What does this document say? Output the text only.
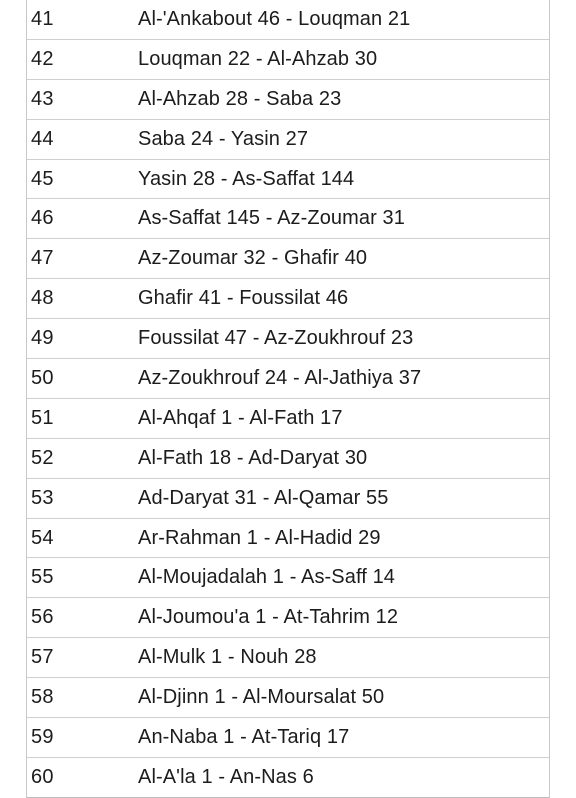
41	Al-'Ankabout 46 - Louqman 21
42	Louqman 22 - Al-Ahzab 30
43	Al-Ahzab 28 - Saba 23
44	Saba 24 - Yasin 27
45	Yasin 28 - As-Saffat 144
46	As-Saffat 145 - Az-Zoumar 31
47	Az-Zoumar 32 - Ghafir 40
48	Ghafir 41 - Foussilat 46
49	Foussilat 47 - Az-Zoukhrouf 23
50	Az-Zoukhrouf 24 - Al-Jathiya 37
51	Al-Ahqaf 1 - Al-Fath 17
52	Al-Fath 18 - Ad-Daryat 30
53	Ad-Daryat 31 - Al-Qamar 55
54	Ar-Rahman 1 - Al-Hadid 29
55	Al-Moujadalah 1 - As-Saff 14
56	Al-Joumou'a 1 - At-Tahrim 12
57	Al-Mulk 1 - Nouh 28
58	Al-Djinn 1 - Al-Moursalat 50
59	An-Naba 1 - At-Tariq 17
60	Al-A'la 1 - An-Nas 6
